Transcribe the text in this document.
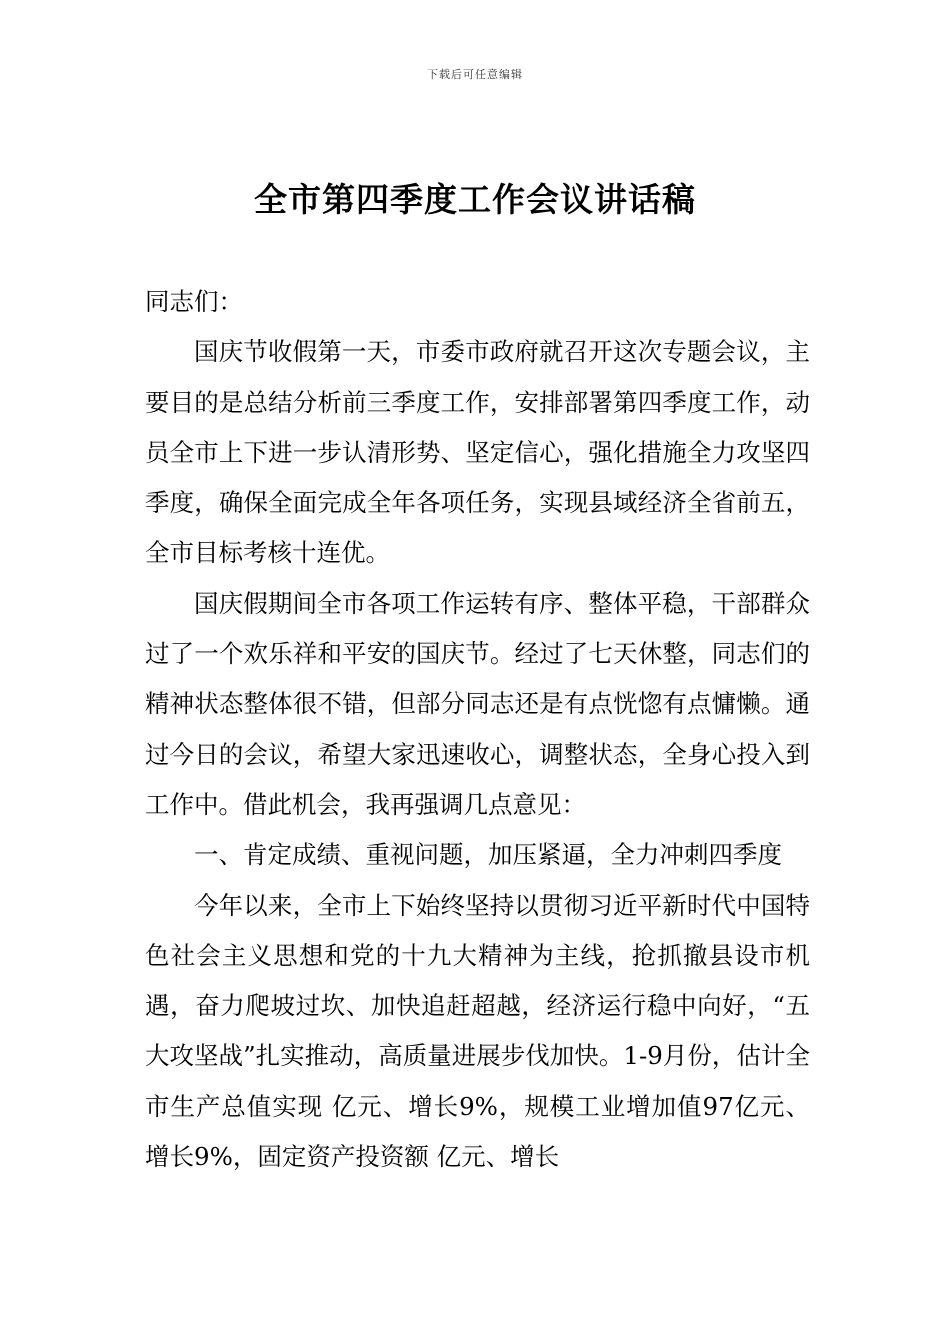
下载后可任意编辑
全市第四季度工作会议讲话稿

同志们：

国庆节收假第一天，市委市政府就召开这次专题会议，主要目的是总结分析前三季度工作，安排部署第四季度工作，动员全市上下进一步认清形势、坚定信心，强化措施全力攻坚四季度，确保全面完成全年各项任务，实现县域经济全省前五，全市目标考核十连优。

国庆假期间全市各项工作运转有序、整体平稳，干部群众过了一个欢乐祥和平安的国庆节。经过了七天休整，同志们的精神状态整体很不错，但部分同志还是有点恍惚有点慵懒。通过今日的会议，希望大家迅速收心，调整状态，全身心投入到工作中。借此机会，我再强调几点意见：

一、肯定成绩、重视问题，加压紧逼，全力冲刺四季度

今年以来，全市上下始终坚持以贯彻习近平新时代中国特色社会主义思想和党的十九大精神为主线，抢抓撤县设市机遇，奋力爬坡过坎、加快追赶超越，经济运行稳中向好，“五大攻坚战”扎实推动，高质量进展步伐加快。1-9月份，估计全市生产总值实现 亿元、增长9%，规模工业增加值97亿元、增长9%，固定资产投资额 亿元、增长
